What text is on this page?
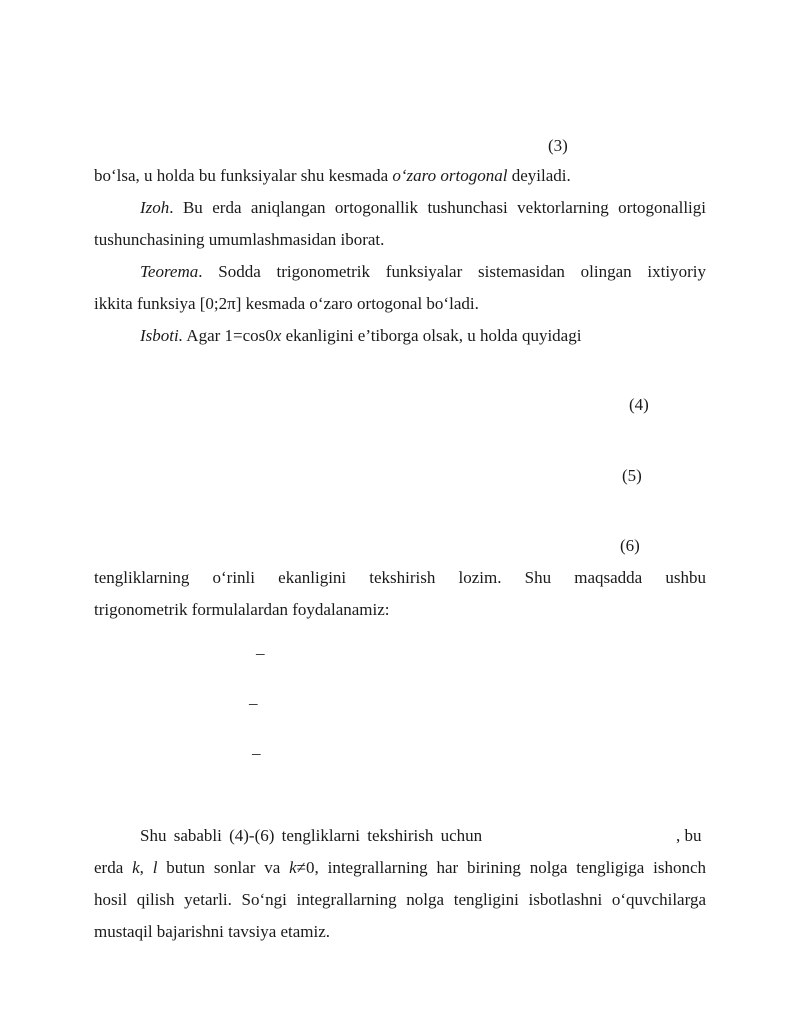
(3)
bo‘lsa, u holda bu funksiyalar shu kesmada o‘zaro ortogonal deyiladi.
Izoh. Bu erda aniqlangan ortogonallik tushunchasi vektorlarning ortogonalligi
tushunchasining umumlashmasidan iborat.
Teorema. Sodda trigonometrik funksiyalar sistemasidan olingan ixtiyoriy
ikkita funksiya [0;2π] kesmada o‘zaro ortogonal bo‘ladi.
Isboti. Agar 1=cos0x ekanligini e’tiborga olsak, u holda quyidagi
(4)
(5)
(6)
tengliklarning o‘rinli ekanligini tekshirish lozim. Shu maqsadda ushbu
trigonometrik formulalardan foydalanamiz:
_
_
_
Shu sababli (4)-(6) tengliklarni tekshirish uchun	, bu
erda k, l butun sonlar va k≠0, integrallarning har birining nolga tengligiga ishonch
hosil qilish yetarli. So‘ngi integrallarning nolga tengligini isbotlashni o‘quvchilarga
mustaqil bajarishni tavsiya etamiz.
